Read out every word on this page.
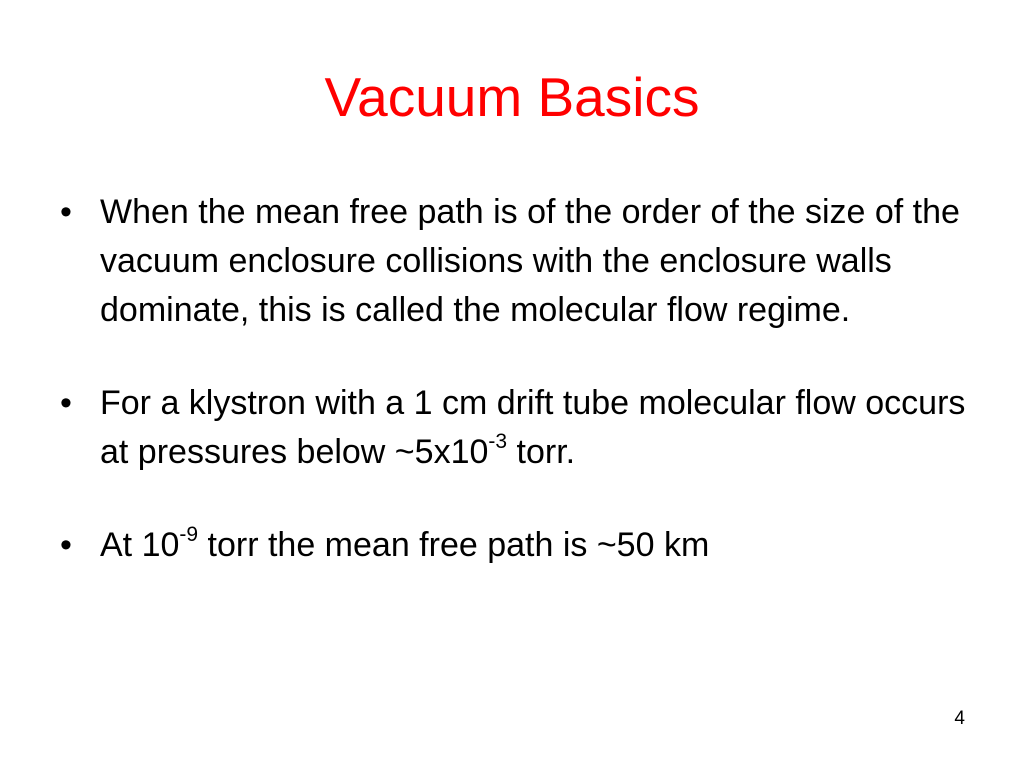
Vacuum Basics
• When the mean free path is of the order of the size of the vacuum enclosure collisions with the enclosure walls dominate, this is called the molecular flow regime.
• For a klystron with a 1 cm drift tube molecular flow occurs at pressures below $\sim 5x10^{-3}$ torr.
• At $10^{-9}$ torr the mean free path is ~50 km
4
